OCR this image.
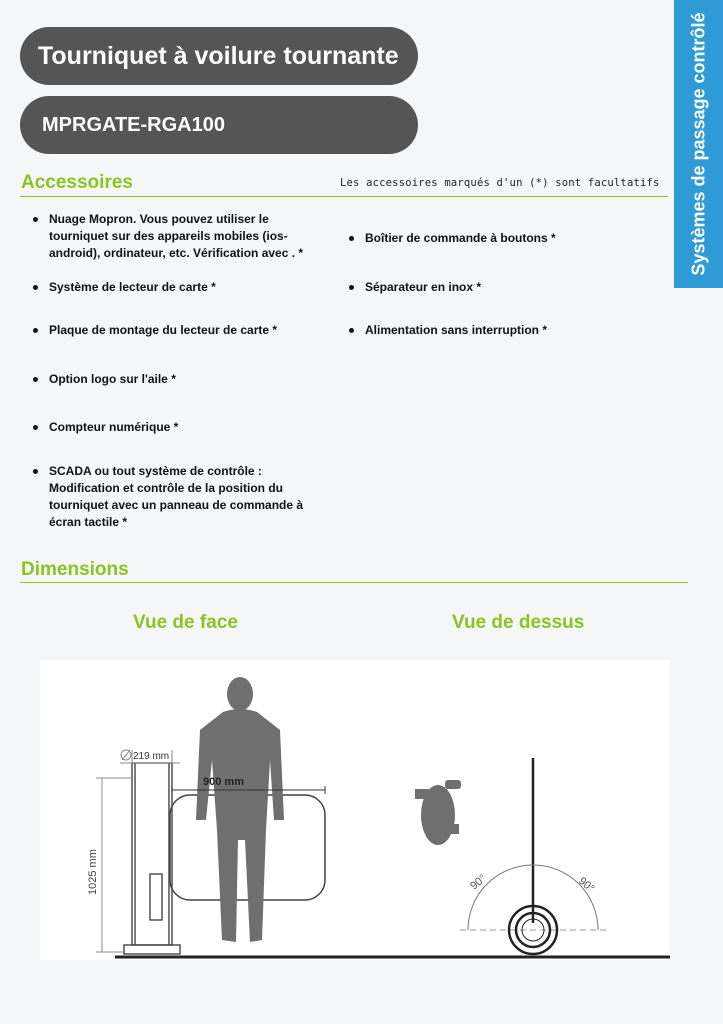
Tourniquet à voilure tournante
MPRGATE-RGA100	Systèmes de passage contrôlé
Accessoires	Les accessoires marqués d'un (*) sont facultatifs
Nuage Mopron. Vous pouvez utiliser le tourniquet sur des appareils mobiles (ios-android), ordinateur, etc. Vérification avec . *
Système de lecteur de carte *
Plaque de montage du lecteur de carte *
Option logo sur l'aile *
Compteur numérique *
SCADA ou tout système de contrôle : Modification et contrôle de la position du tourniquet avec un panneau de commande à écran tactile *
Boîtier de commande à boutons *
Séparateur en inox *
Alimentation sans interruption *
Dimensions
Vue de face	Vue de dessus
219 mm
900 mm
1025 mm	90°	90°
